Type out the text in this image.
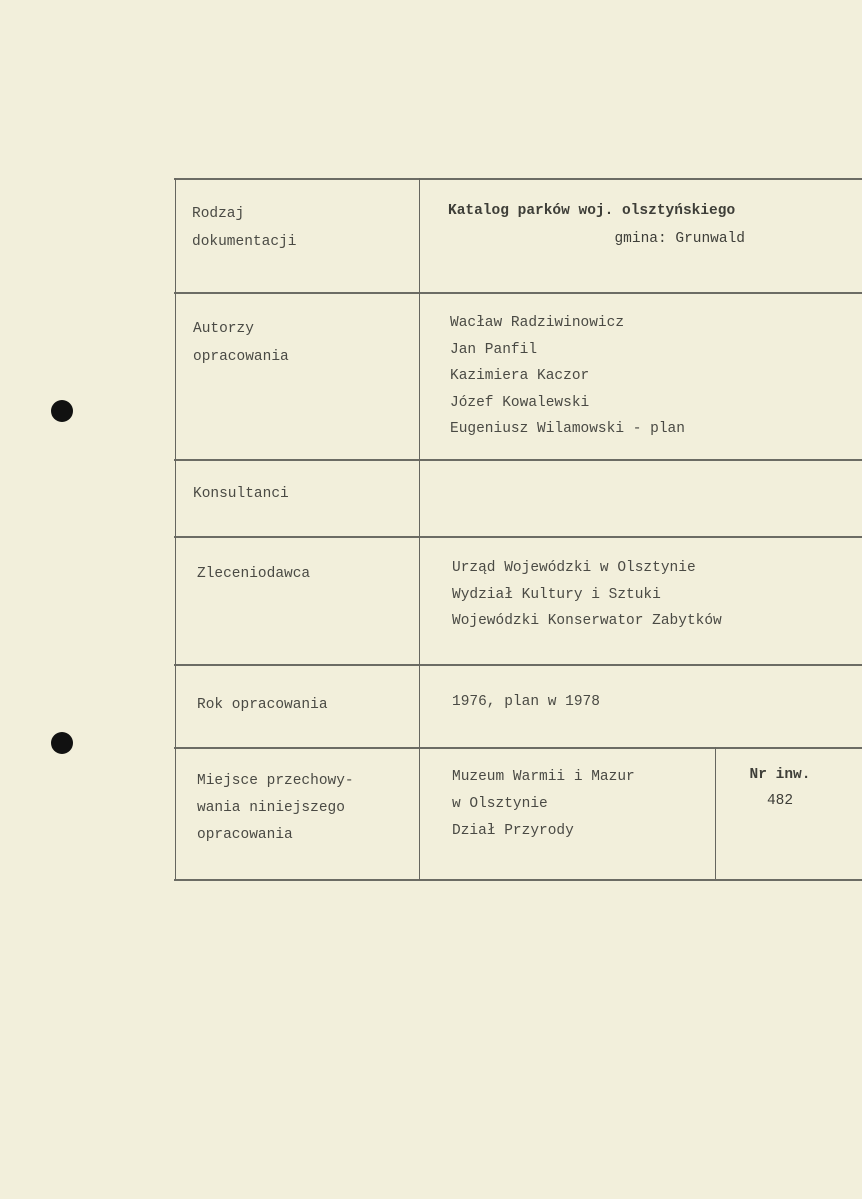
Rodzaj
dokumentacji
Katalog parków woj. olsztyńskiego
gmina: Grunwald
Autorzy
opracowania
Wacław Radziwinowicz
Jan Panfil
Kazimiera Kaczor
Józef Kowalewski
Eugeniusz Wilamowski - plan
Konsultanci
Zleceniodawca	Urząd Wojewódzki w Olsztynie
Wydział Kultury i Sztuki
Wojewódzki Konserwator Zabytków
Rok opracowania	1976, plan w 1978
Miejsce przechowy-
wania niniejszego
opracowania
Muzeum Warmii i Mazur
w Olsztynie
Dział Przyrody
Nr inw.
482
